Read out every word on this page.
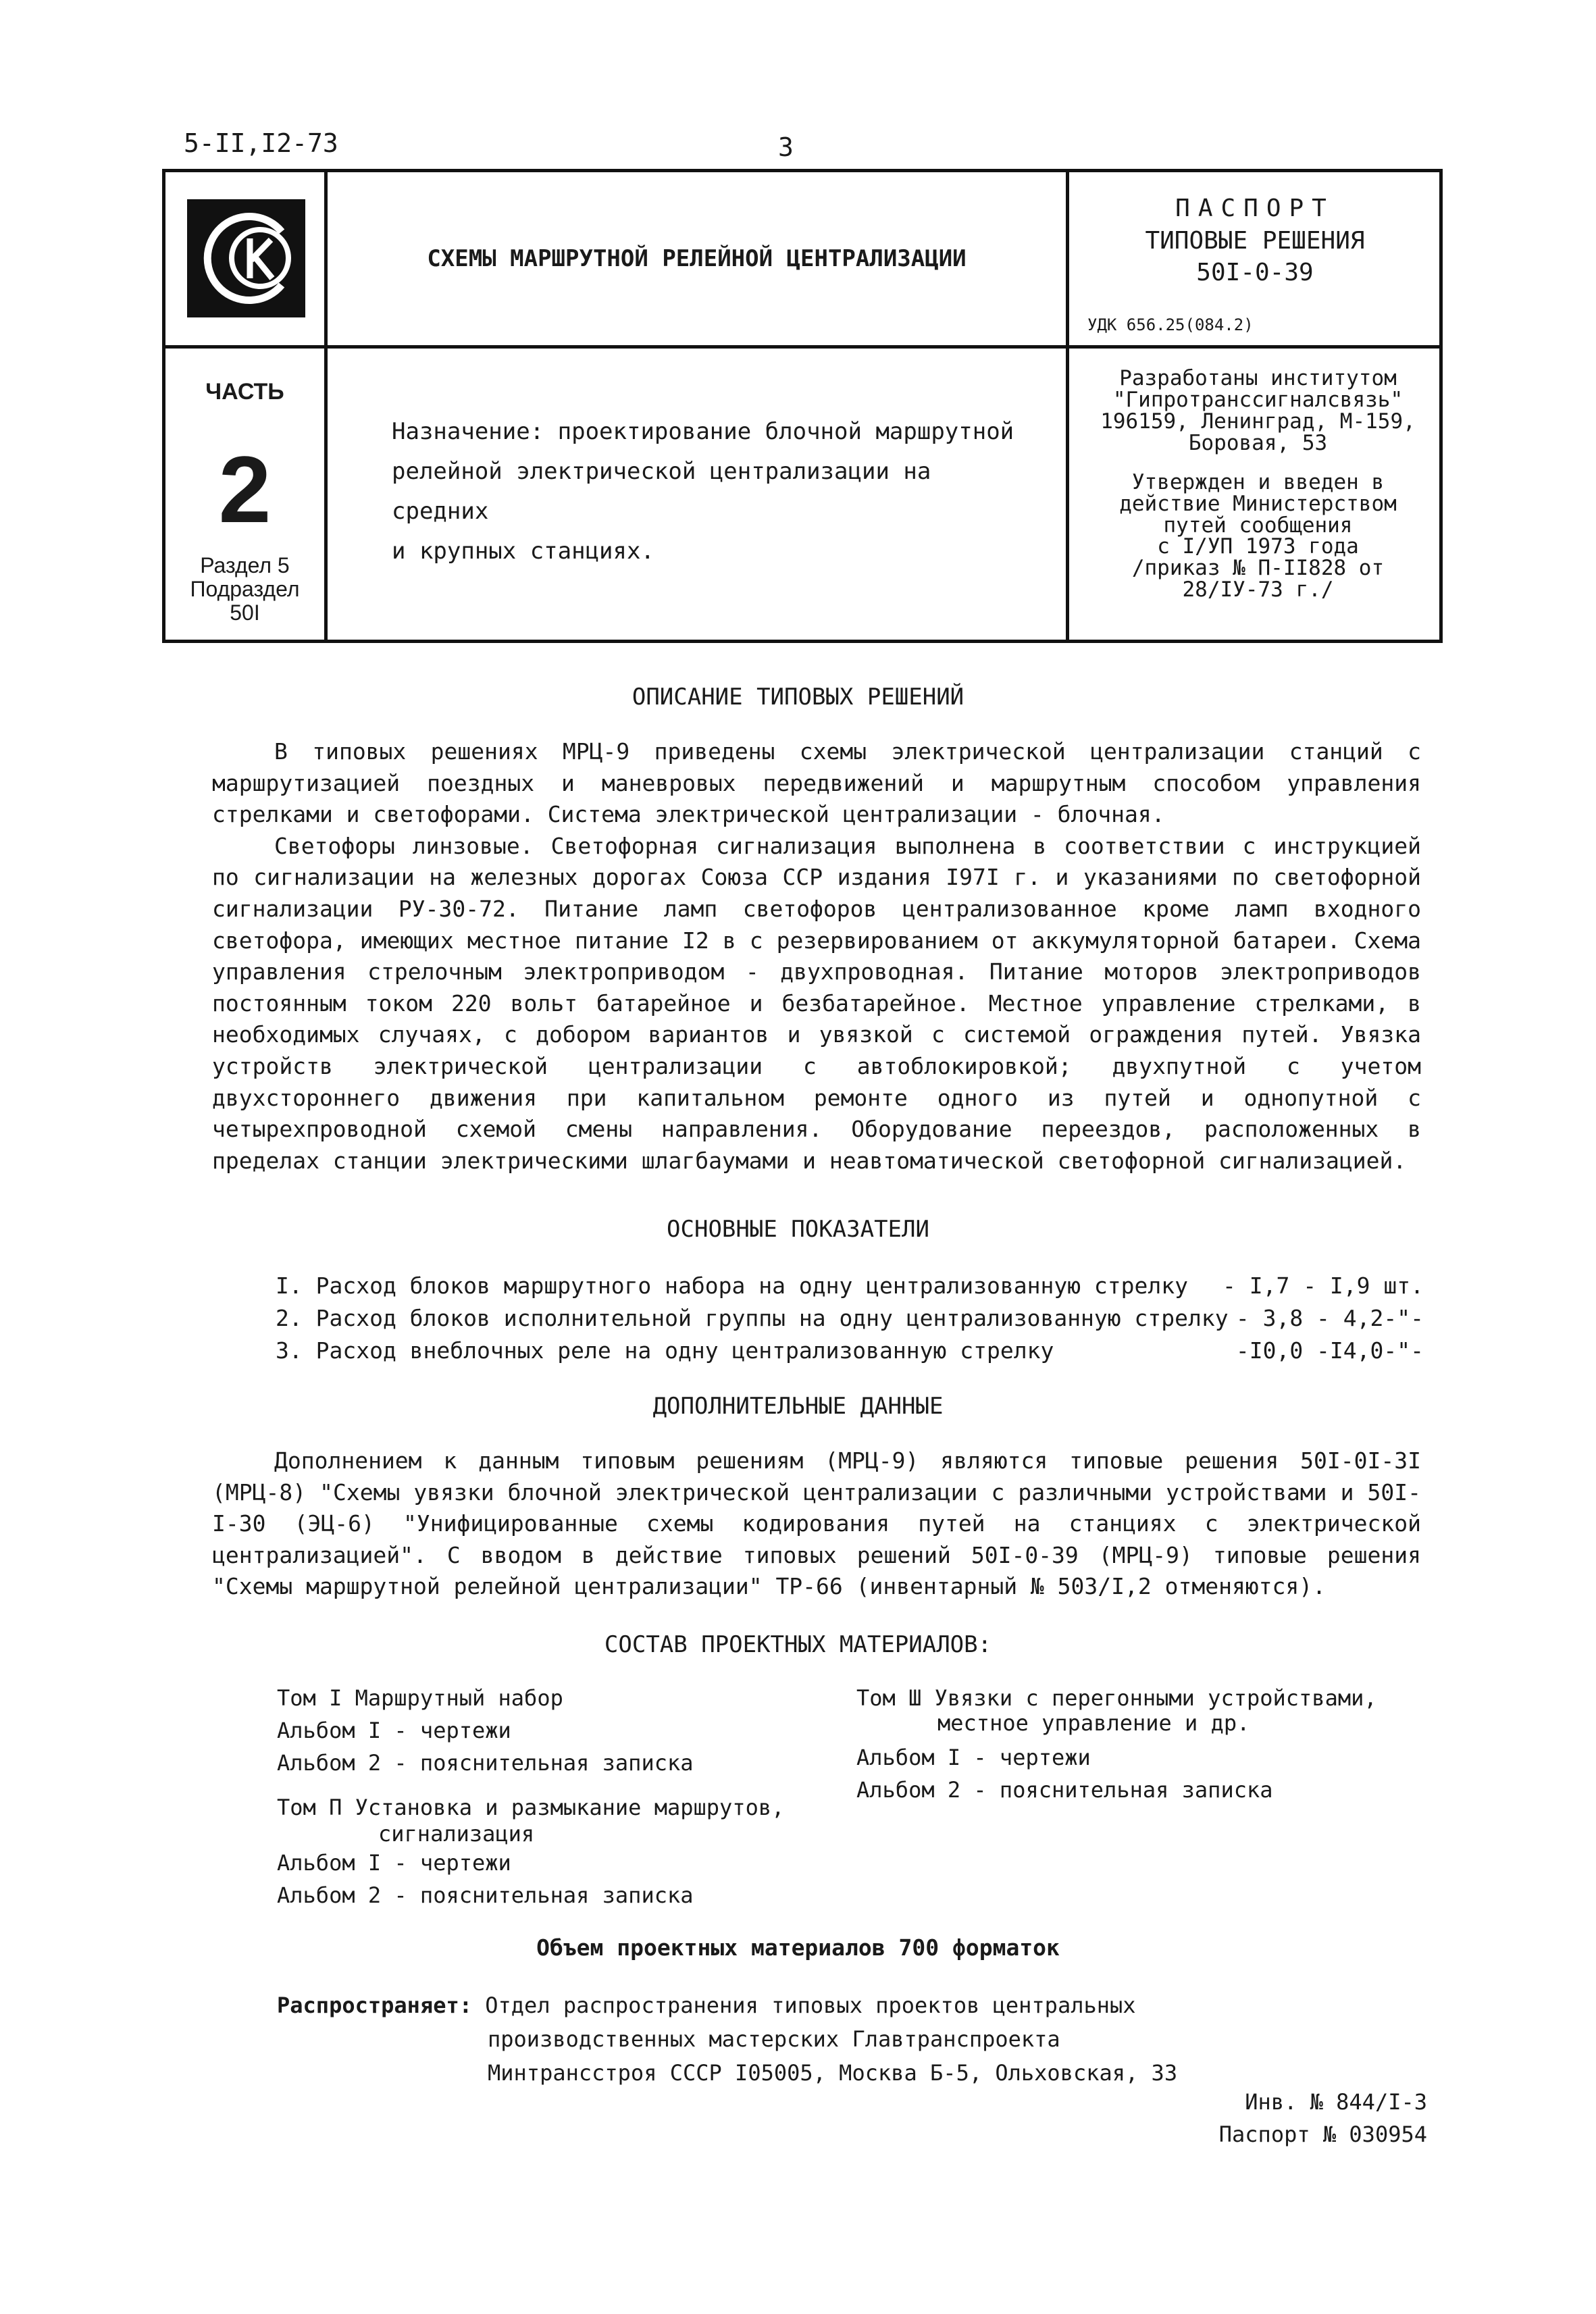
5-II,I2-73	3
СХЕМЫ МАРШРУТНОЙ РЕЛЕЙНОЙ ЦЕНТРАЛИЗАЦИИ
ПАСПОРТ
ТИПОВЫЕ РЕШЕНИЯ
50I-0-39
УДК 656.25(084.2)
ЧАСТЬ
2
Раздел 5
Подраздел
50I
Назначение: проектирование блочной маршрутной
релейной электрической централизации на средних
и крупных станциях.

Разработаны институтом
"Гипротранссигналсвязь"
196159, Ленинград, М-159,
Боровая, 53

Утвержден и введен в
действие Министерством
путей сообщения
с I/УП 1973 года
/приказ № П-II828 от
28/IУ-73 г./

ОПИСАНИЕ ТИПОВЫХ РЕШЕНИЙ

В типовых решениях МРЦ-9 приведены схемы электрической централизации станций с маршрутизацией поездных и маневровых передвижений и маршрутным способом управления стрелками и светофорами. Система электрической централизации - блочная.

Светофоры линзовые. Светофорная сигнализация выполнена в соответствии с инструкцией по сигнализации на железных дорогах Союза ССР издания I97I г. и указаниями по светофорной сигнализации РУ-30-72. Питание ламп светофоров централизованное кроме ламп входного светофора, имеющих местное питание I2 в с резервированием от аккумуляторной батареи. Схема управления стрелочным электроприводом - двухпроводная. Питание моторов электроприводов постоянным током 220 вольт батарейное и безбатарейное. Местное управление стрелками, в необходимых случаях, с добором вариантов и увязкой с системой ограждения путей. Увязка устройств электрической централизации с автоблокировкой; двухпутной с учетом двухстороннего движения при капитальном ремонте одного из путей и однопутной с четырехпроводной схемой смены направления. Оборудование переездов, расположенных в пределах станции электрическими шлагбаумами и неавтоматической светофорной сигнализацией.

ОСНОВНЫЕ ПОКАЗАТЕЛИ
I. Расход блоков маршрутного набора на одну централизованную стрелку - I,7 - I,9 шт.
2. Расход блоков исполнительной группы на одну централизованную стрелку - 3,8 - 4,2-"-
3. Расход внеблочных реле на одну централизованную стрелку	-I0,0 -I4,0-"-
ДОПОЛНИТЕЛЬНЫЕ ДАННЫЕ

Дополнением к данным типовым решениям (МРЦ-9) являются типовые решения 50I-0I-3I (МРЦ-8) "Схемы увязки блочной электрической централизации с различными устройствами и 50I-I-30 (ЭЦ-6) "Унифицированные схемы кодирования путей на станциях с электрической централизацией". С вводом в действие типовых решений 50I-0-39 (МРЦ-9) типовые решения "Схемы маршрутной релейной централизации" ТР-66 (инвентарный № 503/I,2 отменяются).

СОСТАВ ПРОЕКТНЫХ МАТЕРИАЛОВ:
Том I Маршрутный набор
Альбом I - чертежи
Альбом 2 - пояснительная записка
Том П Установка и размыкание маршрутов,
сигнализация
Альбом I - чертежи
Альбом 2 - пояснительная записка
Том Ш Увязки с перегонными устройствами,
местное управление и др.
Альбом I - чертежи
Альбом 2 - пояснительная записка
Объем проектных материалов 700 форматок
Распространяет: Отдел распространения типовых проектов центральных
производственных мастерских Главтранспроекта
Минтрансстроя СССР I05005, Москва Б-5, Ольховская, 33
Инв. № 844/I-3
Паспорт № 030954
